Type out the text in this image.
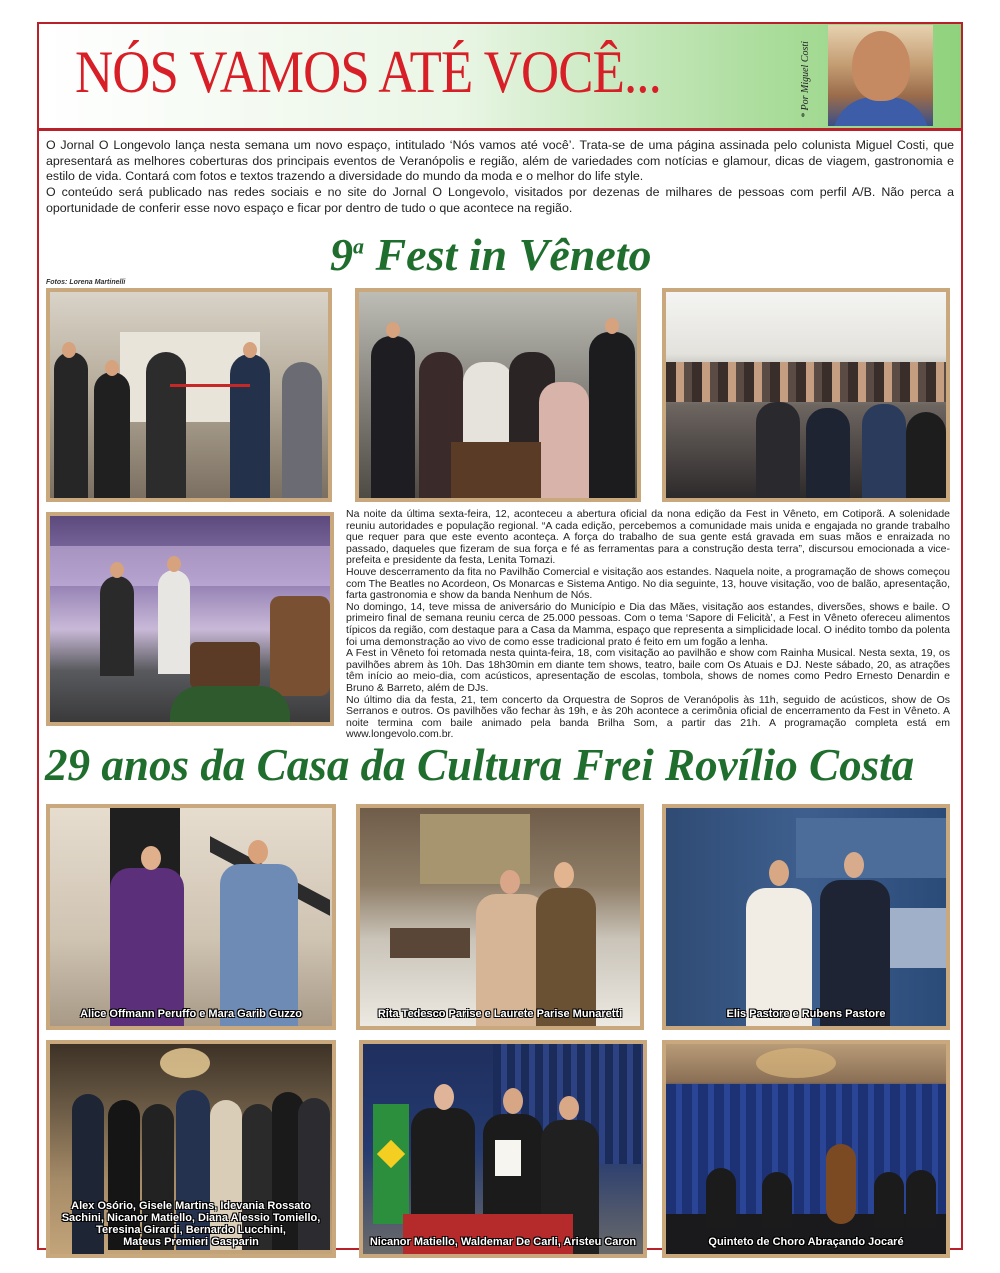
NÓS VAMOS ATÉ VOCÊ...	* Por Miguel Costi

O Jornal O Longevolo lança nesta semana um novo espaço, intitulado ‘Nós vamos até você’. Trata-se de uma página assinada pelo colunista Miguel Costi, que apresentará as melhores coberturas dos principais eventos de Veranópolis e região, além de variedades com notícias e glamour, dicas de viagem, gastronomia e estilo de vida. Contará com fotos e textos trazendo a diversidade do mundo da moda e o melhor do life style.

O conteúdo será publicado nas redes sociais e no site do Jornal O Longevolo, visitados por dezenas de milhares de pessoas com perfil A/B. Não perca a oportunidade de conferir esse novo espaço e ficar por dentro de tudo o que acontece na região.

9$^a$ Fest in Vêneto
Fotos: Lorena Martinelli

Na noite da última sexta-feira, 12, aconteceu a abertura oficial da nona edição da Fest in Vêneto, em Cotiporã. A solenidade reuniu autoridades e população regional. “A cada edição, percebemos a comunidade mais unida e engajada no grande trabalho que requer para que este evento aconteça. A força do trabalho de sua gente está gravada em suas mãos e enraizada no passado, daqueles que fizeram de sua força e fé as ferramentas para a construção desta terra”, discursou emocionada a vice-prefeita e presidente da festa, Lenita Tomazi.

Houve descerramento da fita no Pavilhão Comercial e visitação aos estandes. Naquela noite, a programação de shows começou com The Beatles no Acordeon, Os Monarcas e Sistema Antigo. No dia seguinte, 13, houve visitação, voo de balão, apresentação, farta gastronomia e show da banda Nenhum de Nós.

No domingo, 14, teve missa de aniversário do Município e Dia das Mães, visitação aos estandes, diversões, shows e baile. O primeiro final de semana reuniu cerca de 25.000 pessoas. Com o tema ‘Sapore di Felicità’, a Fest in Vêneto ofereceu alimentos típicos da região, com destaque para a Casa da Mamma, espaço que representa a simplicidade local. O inédito tombo da polenta foi uma demonstração ao vivo de como esse tradicional prato é feito em um fogão a lenha.

A Fest in Vêneto foi retomada nesta quinta-feira, 18, com visitação ao pavilhão e show com Rainha Musical. Nesta sexta, 19, os pavilhões abrem às 10h. Das 18h30min em diante tem shows, teatro, baile com Os Atuais e DJ. Neste sábado, 20, as atrações têm início ao meio-dia, com acústicos, apresentação de escolas, tombola, shows de nomes como Pedro Ernesto Denardin e Bruno & Barreto, além de DJs.

No último dia da festa, 21, tem concerto da Orquestra de Sopros de Veranópolis às 11h, seguido de acústicos, show de Os Serranos e outros. Os pavilhões vão fechar às 19h, e às 20h acontece a cerimônia oficial de encerramento da Fest in Vêneto. A noite termina com baile animado pela banda Brilha Som, a partir das 21h. A programação completa está em www.longevolo.com.br.

29 anos da Casa da Cultura Frei Rovílio Costa
Alice Offmann Peruffo e Mara Garib Guzzo	Rita Tedesco Parise e Laurete Parise Munaretti	Elis Pastore e Rubens Pastore
Alex Osório, Gisele Martins, Idevania Rossato
Sachini, Nicanor Matiello, Diana Alessio Tomiello,
Teresina Girardi, Bernardo Lucchini,
Mateus Premieri Gasparin	Nicanor Matiello, Waldemar De Carli, Aristeu Caron	Quinteto de Choro Abraçando Jocaré
